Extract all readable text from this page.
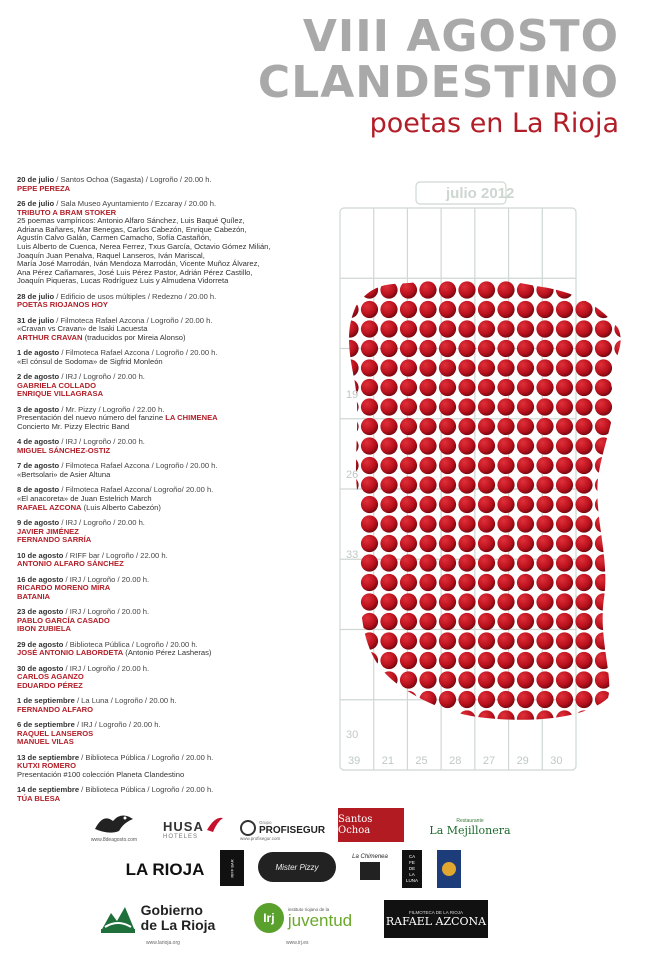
VIII AGOSTO
CLANDESTINO
poetas en La Rioja
20 de julio / Santos Ochoa (Sagasta) / Logroño / 20.00 h.
PEPE PEREZA
26 de julio / Sala Museo Ayuntamiento / Ezcaray / 20.00 h.
TRIBUTO A BRAM STOKER
25 poemas vampíricos: Antonio Alfaro Sánchez, Luis Baqué Quílez,
Adriana Bañares, Mar Benegas, Carlos Cabezón, Enrique Cabezón,
Agustín Calvo Galán, Carmen Camacho, Sofía Castañón,
Luis Alberto de Cuenca, Nerea Ferrez, Txus García, Octavio Gómez Milián,
Joaquín Juan Penalva, Raquel Lanseros, Iván Mariscal,
María José Marrodán, Iván Mendoza Marrodán, Vicente Muñoz Álvarez,
Ana Pérez Cañamares, José Luis Pérez Pastor, Adrián Pérez Castillo,
Joaquín Piqueras, Lucas Rodríguez Luis y Almudena Vidorreta
28 de julio / Edificio de usos múltiples / Redezno / 20.00 h.
POETAS RIOJANOS HOY
31 de julio / Filmoteca Rafael Azcona / Logroño / 20.00 h.
«Cravan vs Cravan» de Isaki Lacuesta
ARTHUR CRAVAN (traducidos por Mireia Alonso)
1 de agosto / Filmoteca Rafael Azcona / Logroño / 20.00 h.
«El cónsul de Sodoma» de Sigfrid Monleón
2 de agosto / IRJ / Logroño / 20.00 h.
GABRIELA COLLADO
ENRIQUE VILLAGRASA
3 de agosto / Mr. Pizzy / Logroño / 22.00 h.
Presentación del nuevo número del fanzine LA CHIMENEA
Concierto Mr. Pizzy Electric Band
4 de agosto / IRJ / Logroño / 20.00 h.
MIGUEL SÁNCHEZ-OSTIZ
7 de agosto / Filmoteca Rafael Azcona / Logroño / 20.00 h.
«Bertsolari» de Asier Altuna
8 de agosto / Filmoteca Rafael Azcona/ Logroño/ 20.00 h.
«El anacoreta» de Juan Estelrich March
RAFAEL AZCONA (Luis Alberto Cabezón)
9 de agosto / IRJ / Logroño / 20.00 h.
JAVIER JIMÉNEZ
FERNANDO SARRÍA
10 de agosto / RIFF bar / Logroño / 22.00 h.
ANTONIO ALFARO SÁNCHEZ
16 de agosto / IRJ / Logroño / 20.00 h.
RICARDO MORENO MIRA
BATANIA
23 de agosto / IRJ / Logroño / 20.00 h.
PABLO GARCÍA CASADO
IBON ZUBIELA
29 de agosto / Biblioteca Pública / Logroño / 20.00 h.
JOSÉ ANTONIO LABORDETA (Antonio Pérez Lasheras)
30 de agosto / IRJ / Logroño / 20.00 h.
CARLOS AGANZO
EDUARDO PÉREZ
1 de septiembre / La Luna / Logroño / 20.00 h.
FERNANDO ALFARO
6 de septiembre / IRJ / Logroño / 20.00 h.
RAQUEL LANSEROS
MANUEL VILAS
13 de septiembre / Biblioteca Pública / Logroño / 20.00 h.
KUTXI ROMERO
Presentación #100 colección Planeta Clandestino
14 de septiembre / Biblioteca Pública / Logroño / 20.00 h.
TÚA BLESA
julio 2012
39 21 25 28 27 29 30
19
26
33
30
www.8deagosto.com
HUSA
HOTELES
Grupo
PROFISEGUR
www.profisegur.com
Santos Ochoa
Restaurante
La Mejillonera
LA RIOJA	RIFF BAR	Mister Pizzy
La Chimenea	CA FE DE LA LUNA
Gobierno
de La Rioja
www.larioja.org
Irj
instituto riojano de la
juventud
www.irj.es
FILMOTECA DE LA RIOJA
RAFAEL AZCONA
